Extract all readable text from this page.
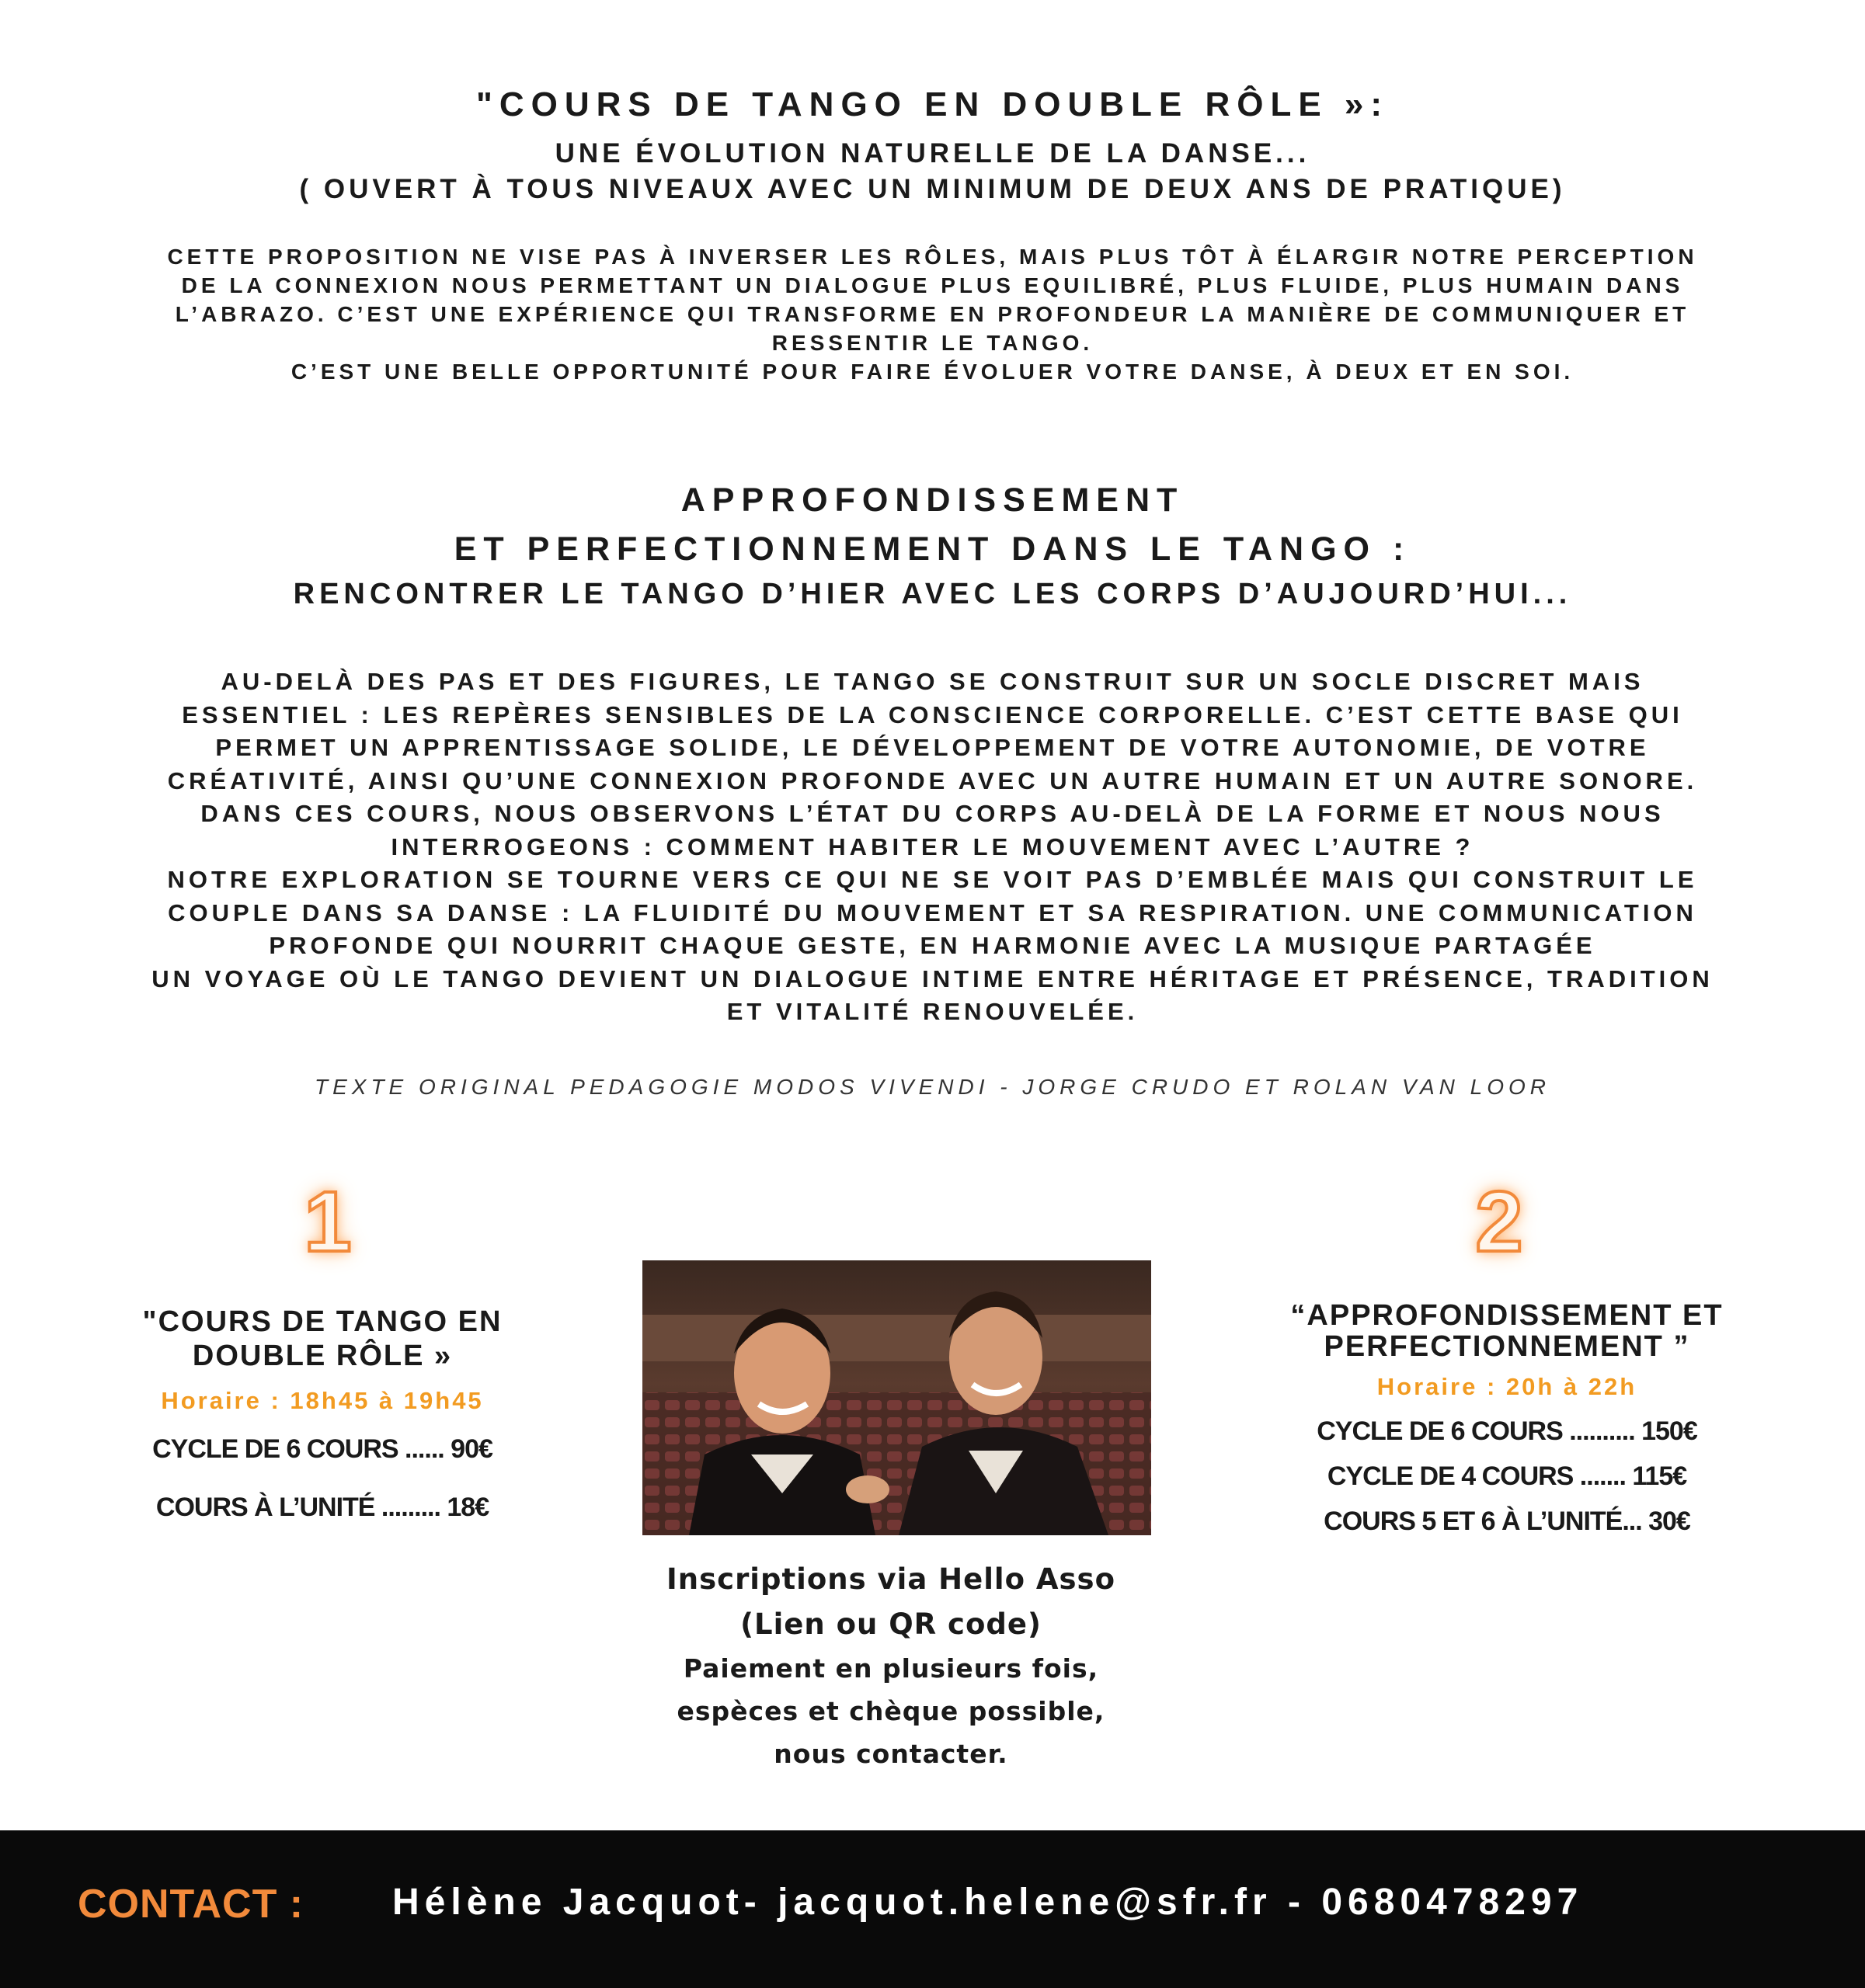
"COURS DE TANGO EN DOUBLE RÔLE »:
UNE ÉVOLUTION NATURELLE DE LA DANSE...
( OUVERT À TOUS NIVEAUX AVEC UN MINIMUM DE DEUX ANS DE PRATIQUE)
CETTE PROPOSITION NE VISE PAS À INVERSER LES RÔLES, MAIS PLUS TÔT À ÉLARGIR NOTRE PERCEPTION
DE LA CONNEXION NOUS PERMETTANT UN DIALOGUE PLUS EQUILIBRÉ, PLUS FLUIDE, PLUS HUMAIN DANS
L’ABRAZO. C’EST UNE EXPÉRIENCE QUI TRANSFORME EN PROFONDEUR LA MANIÈRE DE COMMUNIQUER ET
RESSENTIR LE TANGO.
C’EST UNE BELLE OPPORTUNITÉ POUR FAIRE ÉVOLUER VOTRE DANSE, À DEUX ET EN SOI.
APPROFONDISSEMENT
ET PERFECTIONNEMENT DANS LE TANGO :
RENCONTRER LE TANGO D’HIER AVEC LES CORPS D’AUJOURD’HUI...
AU-DELÀ DES PAS ET DES FIGURES, LE TANGO SE CONSTRUIT SUR UN SOCLE DISCRET MAIS
ESSENTIEL : LES REPÈRES SENSIBLES DE LA CONSCIENCE CORPORELLE. C’EST CETTE BASE QUI
PERMET UN APPRENTISSAGE SOLIDE, LE DÉVELOPPEMENT DE VOTRE AUTONOMIE, DE VOTRE
CRÉATIVITÉ, AINSI QU’UNE CONNEXION PROFONDE AVEC UN AUTRE HUMAIN ET UN AUTRE SONORE.
DANS CES COURS, NOUS OBSERVONS L’ÉTAT DU CORPS AU-DELÀ DE LA FORME ET NOUS NOUS
INTERROGEONS : COMMENT HABITER LE MOUVEMENT AVEC L’AUTRE ?
NOTRE EXPLORATION SE TOURNE VERS CE QUI NE SE VOIT PAS D’EMBLÉE MAIS QUI CONSTRUIT LE
COUPLE DANS SA DANSE : LA FLUIDITÉ DU MOUVEMENT ET SA RESPIRATION. UNE COMMUNICATION
PROFONDE QUI NOURRIT CHAQUE GESTE, EN HARMONIE AVEC LA MUSIQUE PARTAGÉE
UN VOYAGE OÙ LE TANGO DEVIENT UN DIALOGUE INTIME ENTRE HÉRITAGE ET PRÉSENCE, TRADITION
ET VITALITÉ RENOUVELÉE.
TEXTE ORIGINAL PEDAGOGIE MODOS VIVENDI - JORGE CRUDO ET ROLAN VAN LOOR
1	2
"COURS DE TANGO EN
DOUBLE RÔLE »
Horaire : 18h45 à 19h45
CYCLE DE 6 COURS ...... 90€
COURS À L’UNITÉ ......... 18€
“APPROFONDISSEMENT ET
PERFECTIONNEMENT ”
Horaire : 20h à 22h
CYCLE DE 6 COURS .......... 150€
CYCLE DE 4 COURS ....... 115€
COURS 5 ET 6 À L’UNITÉ... 30€
Inscriptions via Hello Asso
(Lien ou QR code)
Paiement en plusieurs fois,
espèces et chèque possible,
nous contacter.
CONTACT : Hélène Jacquot- jacquot.helene@sfr.fr - 0680478297
